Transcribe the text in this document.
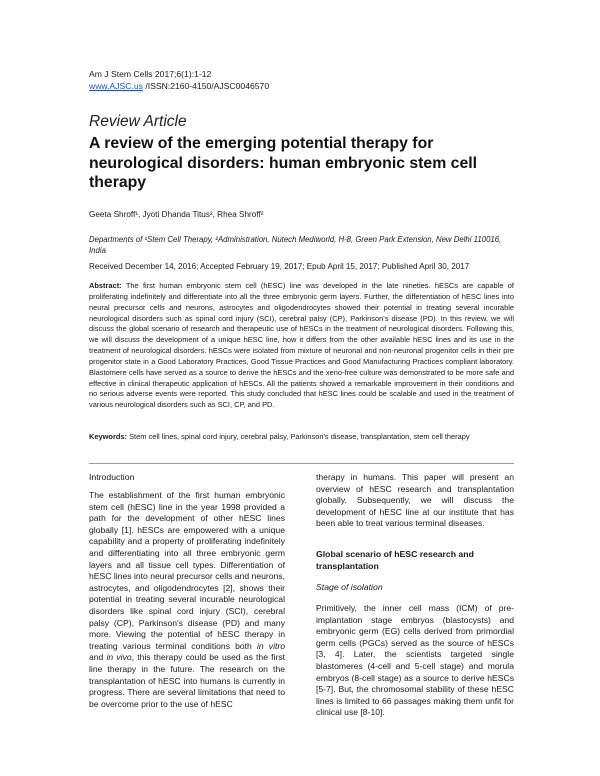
Am J Stem Cells 2017;6(1):1-12
www.AJSC.us /ISSN:2160-4150/AJSC0046570
Review Article
A review of the emerging potential therapy for neurological disorders: human embryonic stem cell therapy
Geeta Shroff¹, Jyoti Dhanda Titus², Rhea Shroff²
Departments of ¹Stem Cell Therapy, ²Administration, Nutech Mediworld, H-8, Green Park Extension, New Delhi 110016, India
Received December 14, 2016; Accepted February 19, 2017; Epub April 15, 2017; Published April 30, 2017
Abstract: The first human embryonic stem cell (hESC) line was developed in the late nineties. hESCs are capable of proliferating indefinitely and differentiate into all the three embryonic germ layers. Further, the differentiation of hESC lines into neural precursor cells and neurons, astrocytes and oligodendrocytes showed their potential in treating several incurable neurological disorders such as spinal cord injury (SCI), cerebral palsy (CP), Parkinson's disease (PD). In this review, we will discuss the global scenario of research and therapeutic use of hESCs in the treatment of neurological disorders. Following this, we will discuss the development of a unique hESC line, how it differs from the other available hESC lines and its use in the treatment of neurological disorders. hESCs were isolated from mixture of neuronal and non-neuronal progenitor cells in their pre progenitor state in a Good Laboratory Practices, Good Tissue Practices and Good Manufacturing Practices compliant laboratory. Blastomere cells have served as a source to derive the hESCs and the xeno-free culture was demonstrated to be more safe and effective in clinical therapeutic application of hESCs. All the patients showed a remarkable improvement in their conditions and no serious adverse events were reported. This study concluded that hESC lines could be scalable and used in the treatment of various neurological disorders such as SCI, CP, and PD.
Keywords: Stem cell lines, spinal cord injury, cerebral palsy, Parkinson's disease, transplantation, stem cell therapy
Introduction
The establishment of the first human embryonic stem cell (hESC) line in the year 1998 provided a path for the development of other hESC lines globally [1]. hESCs are empowered with a unique capability and a property of proliferating indefinitely and differentiating into all three embryonic germ layers and all tissue cell types. Differentiation of hESC lines into neural precursor cells and neurons, astrocytes, and oligodendrocytes [2], shows their potential in treating several incurable neurological disorders like spinal cord injury (SCI), cerebral palsy (CP), Parkinson's disease (PD) and many more. Viewing the potential of hESC therapy in treating various terminal conditions both in vitro and in vivo, this therapy could be used as the first line therapy in the future. The research on the transplantation of hESC into humans is currently in progress. There are several limitations that need to be overcome prior to the use of hESC
therapy in humans. This paper will present an overview of hESC research and transplantation globally. Subsequently, we will discuss the development of hESC line at our institute that has been able to treat various terminal diseases.
Global scenario of hESC research and transplantation
Stage of isolation
Primitively, the inner cell mass (ICM) of pre-implantation stage embryos (blastocysts) and embryonic germ (EG) cells derived from primordial germ cells (PGCs) served as the source of hESCs [3, 4]. Later, the scientists targeted single blastomeres (4-cell and 5-cell stage) and morula embryos (8-cell stage) as a source to derive hESCs [5-7]. But, the chromosomal stability of these hESC lines is limited to 66 passages making them unfit for clinical use [8-10].
